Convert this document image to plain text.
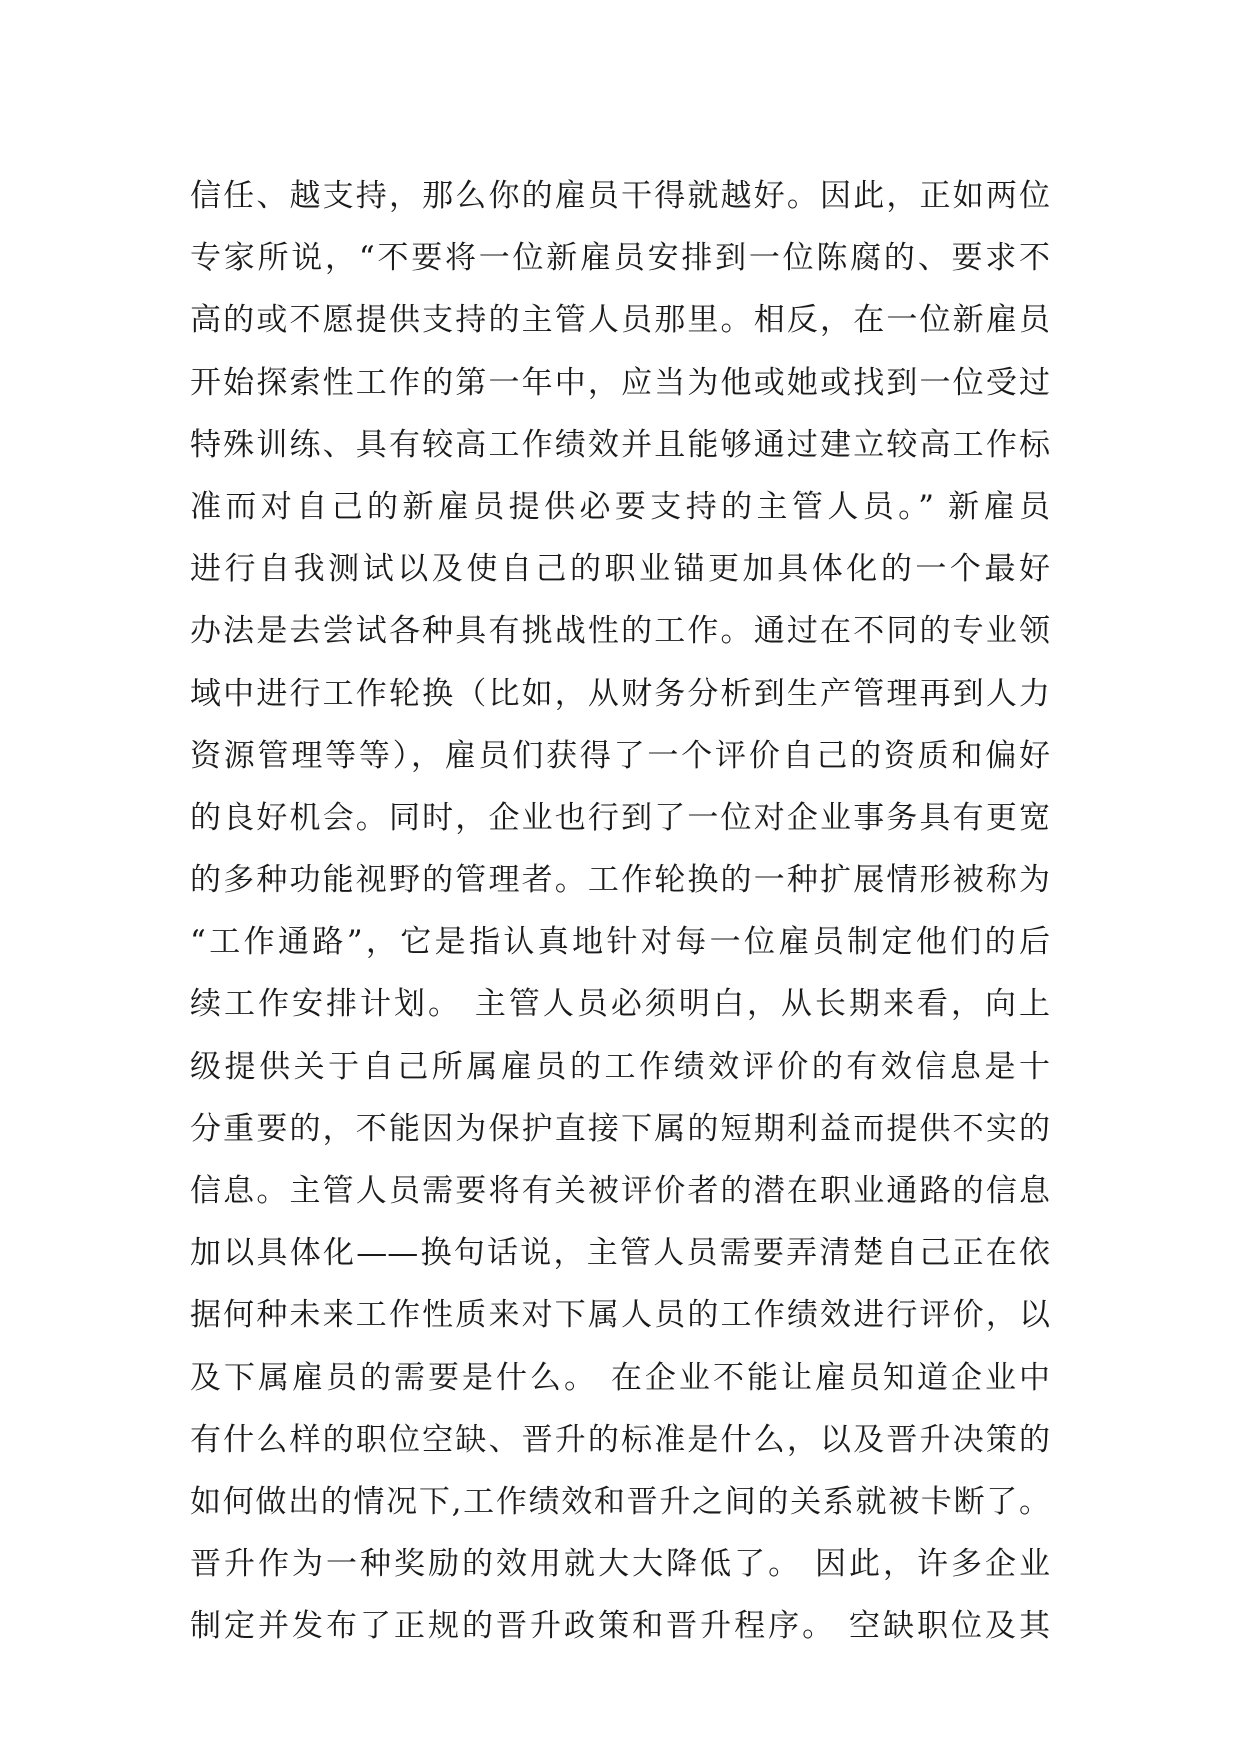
信任、越支持，那么你的雇员干得就越好。因此，正如两位
专家所说，“不要将一位新雇员安排到一位陈腐的、要求不
高的或不愿提供支持的主管人员那里。相反，在一位新雇员
开始探索性工作的第一年中，应当为他或她或找到一位受过
特殊训练、具有较高工作绩效并且能够通过建立较高工作标
准而对自己的新雇员提供必要支持的主管人员。” 新雇员
进行自我测试以及使自己的职业锚更加具体化的一个最好
办法是去尝试各种具有挑战性的工作。通过在不同的专业领
域中进行工作轮换（比如，从财务分析到生产管理再到人力
资源管理等等），雇员们获得了一个评价自己的资质和偏好
的良好机会。同时，企业也行到了一位对企业事务具有更宽
的多种功能视野的管理者。工作轮换的一种扩展情形被称为
“工作通路”，它是指认真地针对每一位雇员制定他们的后
续工作安排计划。 主管人员必须明白，从长期来看，向上
级提供关于自己所属雇员的工作绩效评价的有效信息是十
分重要的，不能因为保护直接下属的短期利益而提供不实的
信息。主管人员需要将有关被评价者的潜在职业通路的信息
加以具体化——换句话说，主管人员需要弄清楚自己正在依
据何种未来工作性质来对下属人员的工作绩效进行评价，以
及下属雇员的需要是什么。 在企业不能让雇员知道企业中
有什么样的职位空缺、晋升的标准是什么，以及晋升决策的
如何做出的情况下,工作绩效和晋升之间的关系就被卡断了。
晋升作为一种奖励的效用就大大降低了。 因此，许多企业
制定并发布了正规的晋升政策和晋升程序。 空缺职位及其
